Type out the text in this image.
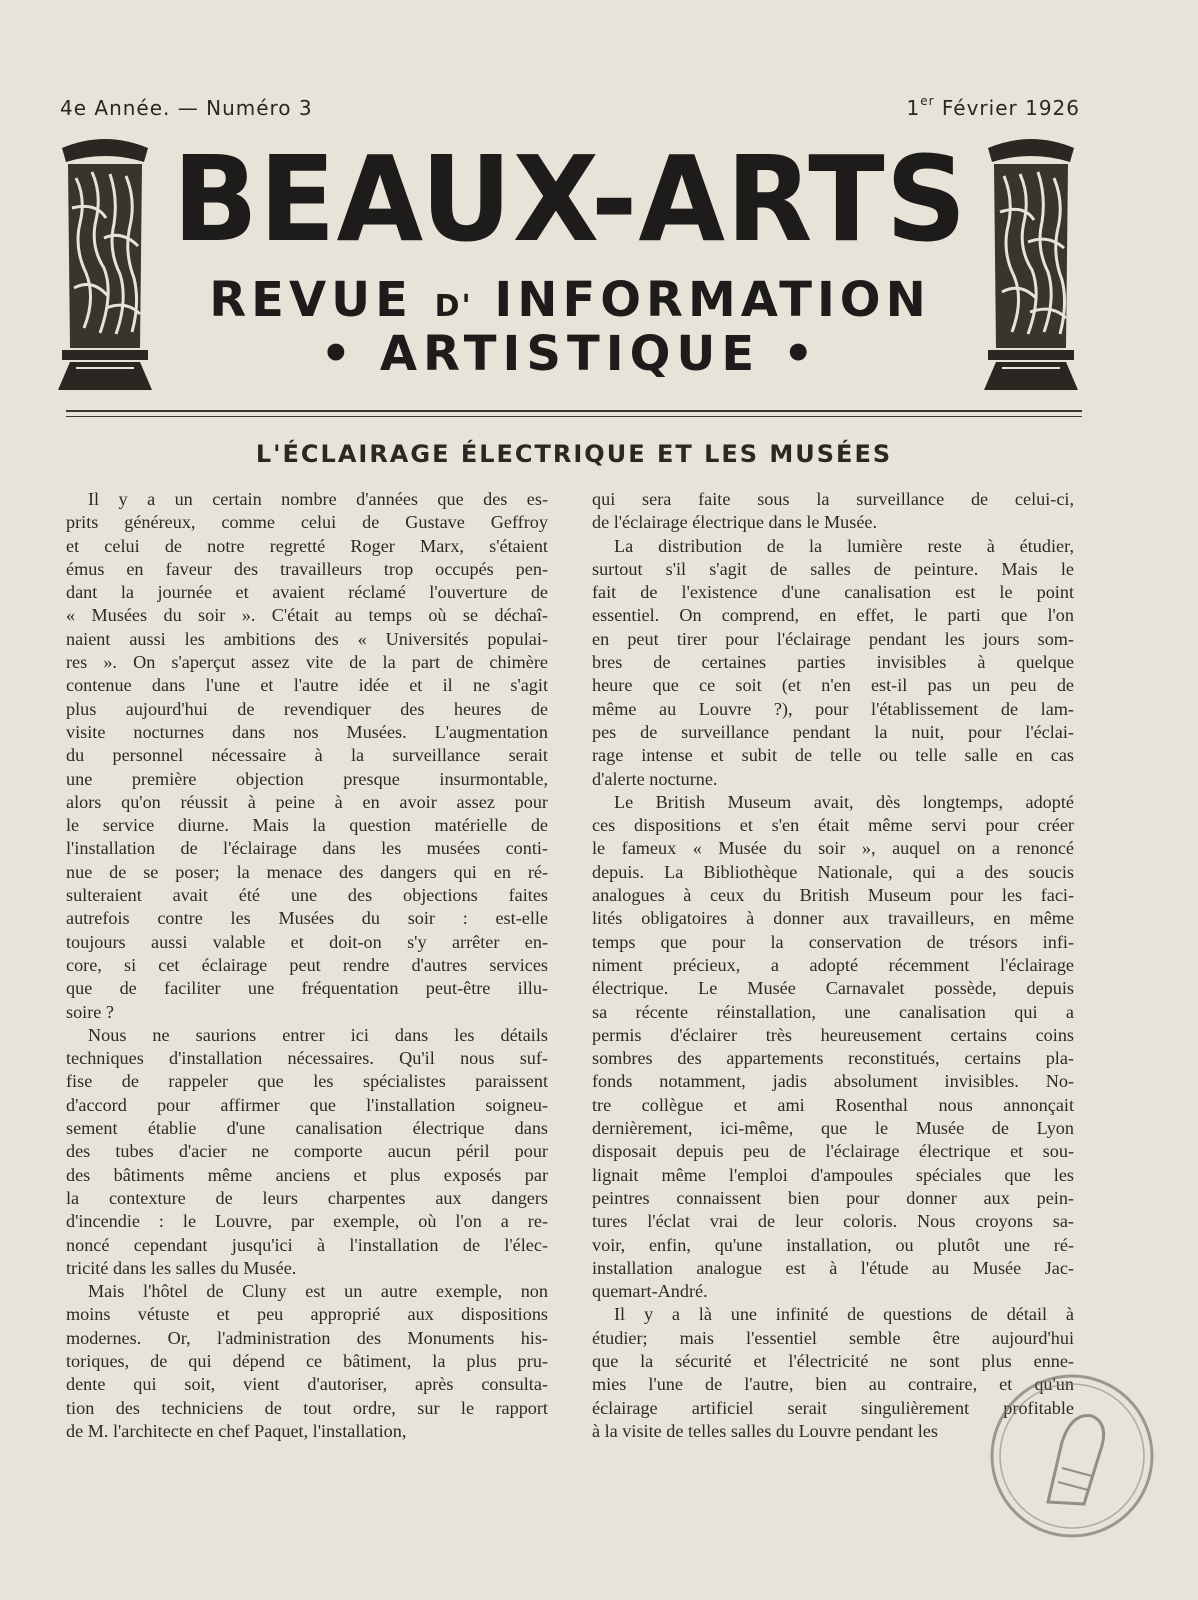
4e Année. — Numéro 3	1er Février 1926
BEAUX-ARTS
REVUE D' INFORMATION
• ARTISTIQUE •
L'ÉCLAIRAGE ÉLECTRIQUE ET LES MUSÉES
Il y a un certain nombre d'années que des es-
prits généreux, comme celui de Gustave Geffroy
et celui de notre regretté Roger Marx, s'étaient
émus en faveur des travailleurs trop occupés pen-
dant la journée et avaient réclamé l'ouverture de
« Musées du soir ». C'était au temps où se déchaî-
naient aussi les ambitions des « Universités populai-
res ». On s'aperçut assez vite de la part de chimère
contenue dans l'une et l'autre idée et il ne s'agit
plus aujourd'hui de revendiquer des heures de
visite nocturnes dans nos Musées. L'augmentation
du personnel nécessaire à la surveillance serait
une première objection presque insurmontable,
alors qu'on réussit à peine à en avoir assez pour
le service diurne. Mais la question matérielle de
l'installation de l'éclairage dans les musées conti-
nue de se poser; la menace des dangers qui en ré-
sulteraient avait été une des objections faites
autrefois contre les Musées du soir : est-elle
toujours aussi valable et doit-on s'y arrêter en-
core, si cet éclairage peut rendre d'autres services
que de faciliter une fréquentation peut-être illu-
soire ?
Nous ne saurions entrer ici dans les détails
techniques d'installation nécessaires. Qu'il nous suf-
fise de rappeler que les spécialistes paraissent
d'accord pour affirmer que l'installation soigneu-
sement établie d'une canalisation électrique dans
des tubes d'acier ne comporte aucun péril pour
des bâtiments même anciens et plus exposés par
la contexture de leurs charpentes aux dangers
d'incendie : le Louvre, par exemple, où l'on a re-
noncé cependant jusqu'ici à l'installation de l'élec-
tricité dans les salles du Musée.
Mais l'hôtel de Cluny est un autre exemple, non
moins vétuste et peu approprié aux dispositions
modernes. Or, l'administration des Monuments his-
toriques, de qui dépend ce bâtiment, la plus pru-
dente qui soit, vient d'autoriser, après consulta-
tion des techniciens de tout ordre, sur le rapport
de M. l'architecte en chef Paquet, l'installation,
qui sera faite sous la surveillance de celui-ci,
de l'éclairage électrique dans le Musée.
La distribution de la lumière reste à étudier,
surtout s'il s'agit de salles de peinture. Mais le
fait de l'existence d'une canalisation est le point
essentiel. On comprend, en effet, le parti que l'on
en peut tirer pour l'éclairage pendant les jours som-
bres de certaines parties invisibles à quelque
heure que ce soit (et n'en est-il pas un peu de
même au Louvre ?), pour l'établissement de lam-
pes de surveillance pendant la nuit, pour l'éclai-
rage intense et subit de telle ou telle salle en cas
d'alerte nocturne.
Le British Museum avait, dès longtemps, adopté
ces dispositions et s'en était même servi pour créer
le fameux « Musée du soir », auquel on a renoncé
depuis. La Bibliothèque Nationale, qui a des soucis
analogues à ceux du British Museum pour les faci-
lités obligatoires à donner aux travailleurs, en même
temps que pour la conservation de trésors infi-
niment précieux, a adopté récemment l'éclairage
électrique. Le Musée Carnavalet possède, depuis
sa récente réinstallation, une canalisation qui a
permis d'éclairer très heureusement certains coins
sombres des appartements reconstitués, certains pla-
fonds notamment, jadis absolument invisibles. No-
tre collègue et ami Rosenthal nous annonçait
dernièrement, ici-même, que le Musée de Lyon
disposait depuis peu de l'éclairage électrique et sou-
lignait même l'emploi d'ampoules spéciales que les
peintres connaissent bien pour donner aux pein-
tures l'éclat vrai de leur coloris. Nous croyons sa-
voir, enfin, qu'une installation, ou plutôt une ré-
installation analogue est à l'étude au Musée Jac-
quemart-André.
Il y a là une infinité de questions de détail à
étudier; mais l'essentiel semble être aujourd'hui
que la sécurité et l'électricité ne sont plus enne-
mies l'une de l'autre, bien au contraire, et qu'un
éclairage artificiel serait singulièrement profitable
à la visite de telles salles du Louvre pendant les
